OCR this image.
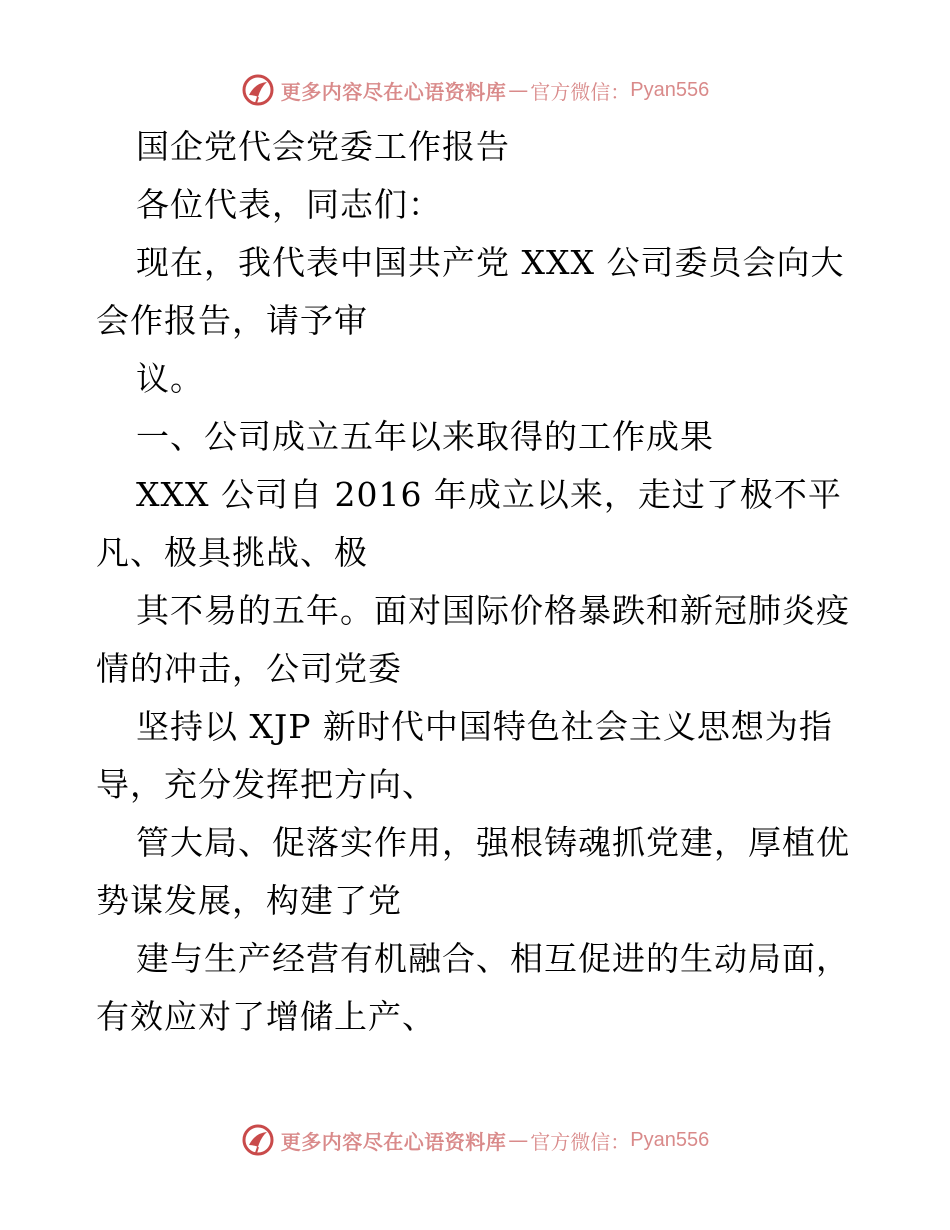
更多内容尽在心语资料库 — 官方微信： Pyan556
国企党代会党委工作报告
各位代表，同志们：
现在，我代表中国共产党 XXX 公司委员会向大
会作报告，请予审
议。
一、公司成立五年以来取得的工作成果
XXX 公司自 2016 年成立以来，走过了极不平
凡、极具挑战、极
其不易的五年。面对国际价格暴跌和新冠肺炎疫
情的冲击，公司党委
坚持以 XJP 新时代中国特色社会主义思想为指
导，充分发挥把方向、
管大局、促落实作用，强根铸魂抓党建，厚植优
势谋发展，构建了党
建与生产经营有机融合、相互促进的生动局面，
有效应对了增储上产、
更多内容尽在心语资料库 — 官方微信： Pyan556
